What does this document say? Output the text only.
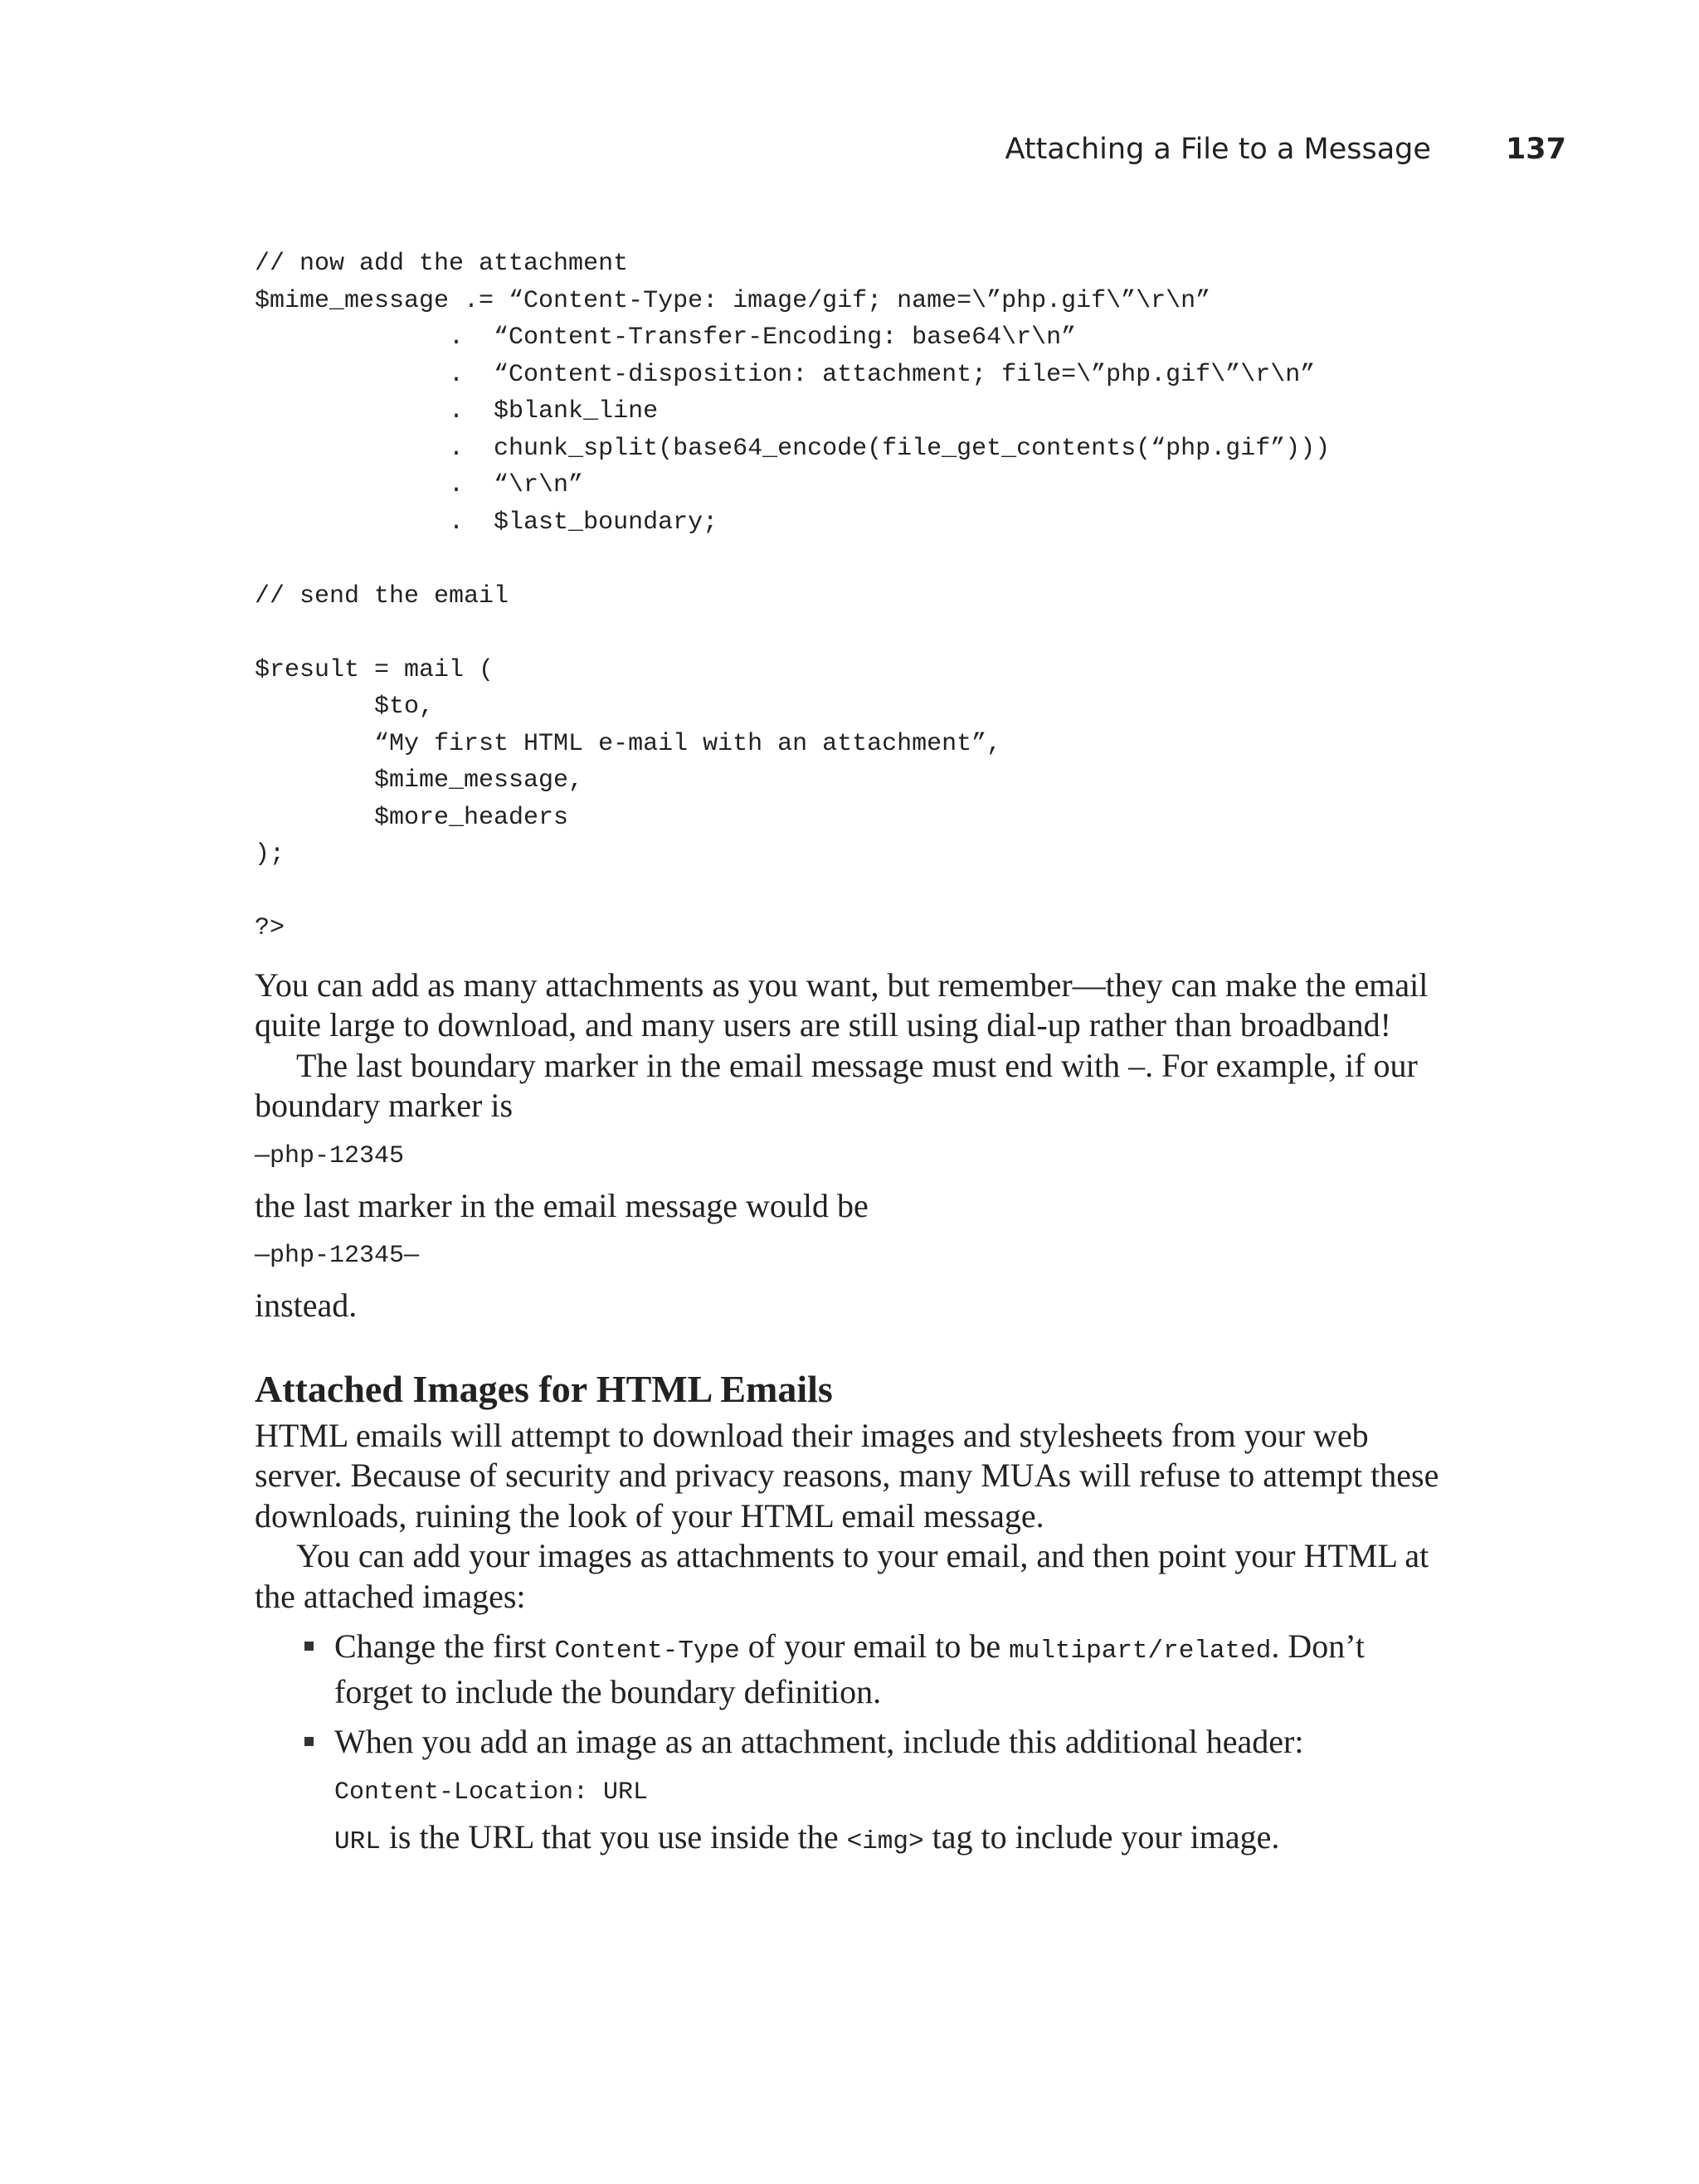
Attaching a File to a Message	137
// now add the attachment
$mime_message .= “Content-Type: image/gif; name=\”php.gif\”\r\n”
.  “Content-Transfer-Encoding: base64\r\n”
.  “Content-disposition: attachment; file=\”php.gif\”\r\n”
.  $blank_line
.  chunk_split(base64_encode(file_get_contents(“php.gif”)))
.  “\r\n”
.  $last_boundary;

// send the email

$result = mail (
$to,
“My first HTML e-mail with an attachment”,
$mime_message,
$more_headers
);

?>

You can add as many attachments as you want, but remember—they can make the email quite large to download, and many users are still using dial-up rather than broadband!

The last boundary marker in the email message must end with –. For example, if our boundary marker is

—php-12345

the last marker in the email message would be

—php-12345—

instead.

Attached Images for HTML Emails

HTML emails will attempt to download their images and stylesheets from your web server. Because of security and privacy reasons, many MUAs will refuse to attempt these downloads, ruining the look of your HTML email message.

You can add your images as attachments to your email, and then point your HTML at the attached images:

Change the first Content-Type of your email to be multipart/related. Don’t forget to include the boundary definition.
When you add an image as an attachment, include this additional header:
Content-Location: URL
URL is the URL that you use inside the <img> tag to include your image.
